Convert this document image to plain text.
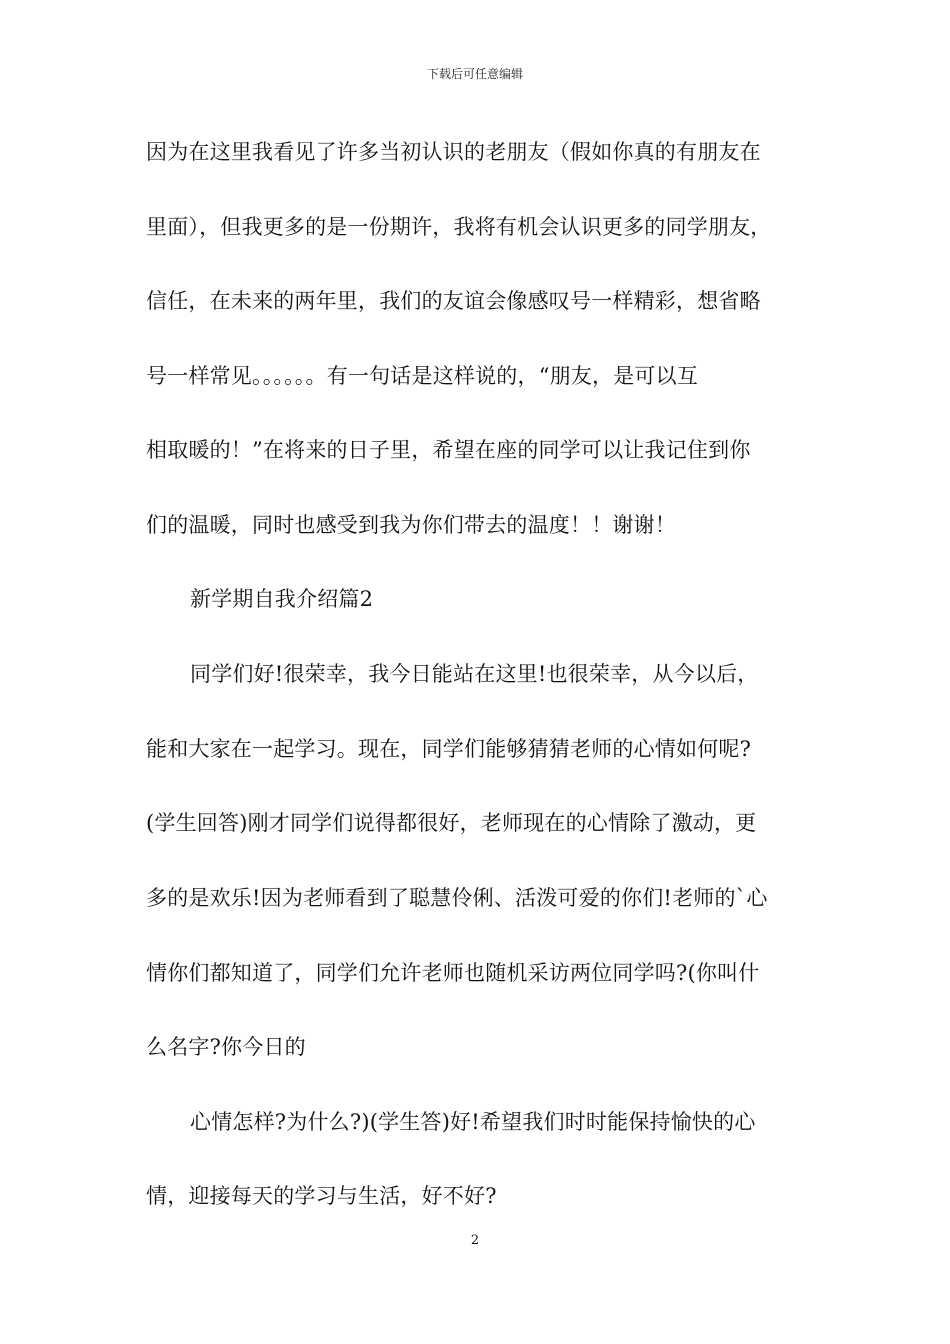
下载后可任意编辑
因为在这里我看见了许多当初认识的老朋友（假如你真的有朋友在
里面），但我更多的是一份期许，我将有机会认识更多的同学朋友，
信任，在未来的两年里，我们的友谊会像感叹号一样精彩，想省略
号一样常见。。。。。。有一句话是这样说的，“朋友，是可以互
相取暖的！”在将来的日子里，希望在座的同学可以让我记住到你
们的温暖，同时也感受到我为你们带去的温度！！谢谢！
新学期自我介绍篇2
同学们好!很荣幸，我今日能站在这里!也很荣幸，从今以后，
能和大家在一起学习。现在，同学们能够猜猜老师的心情如何呢?
(学生回答)刚才同学们说得都很好，老师现在的心情除了激动，更
多的是欢乐!因为老师看到了聪慧伶俐、活泼可爱的你们!老师的`心
情你们都知道了，同学们允许老师也随机采访两位同学吗?(你叫什
么名字?你今日的
心情怎样?为什么?)(学生答)好!希望我们时时能保持愉快的心
情，迎接每天的学习与生活，好不好?
2
